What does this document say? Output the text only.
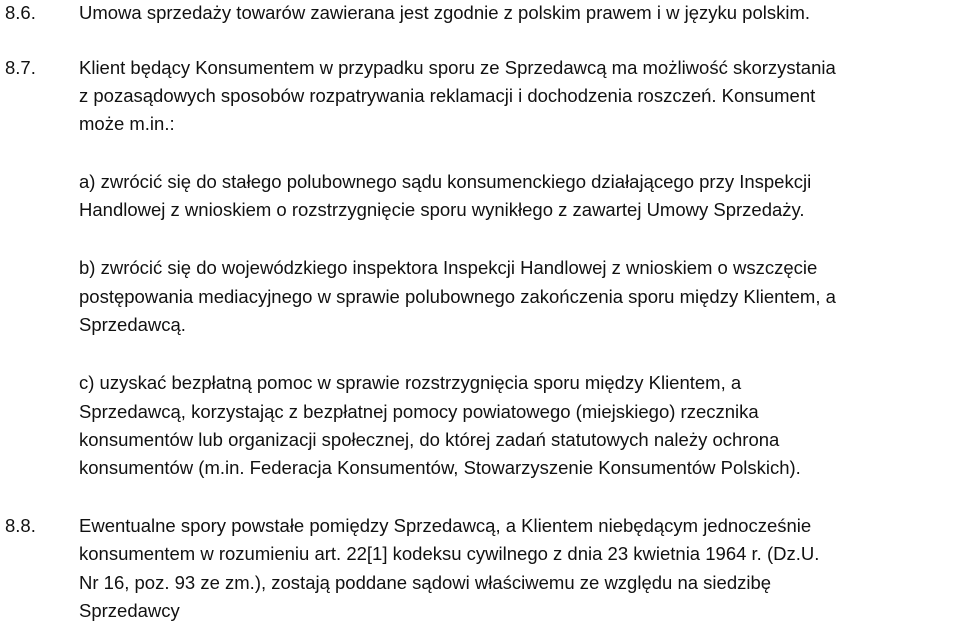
8.6. Umowa sprzedaży towarów zawierana jest zgodnie z polskim prawem i w języku polskim.
8.7. Klient będący Konsumentem w przypadku sporu ze Sprzedawcą ma możliwość skorzystania
z pozasądowych sposobów rozpatrywania reklamacji i dochodzenia roszczeń. Konsument
może m.in.:
a) zwrócić się do stałego polubownego sądu konsumenckiego działającego przy Inspekcji
Handlowej z wnioskiem o rozstrzygnięcie sporu wynikłego z zawartej Umowy Sprzedaży.
b) zwrócić się do wojewódzkiego inspektora Inspekcji Handlowej z wnioskiem o wszczęcie
postępowania mediacyjnego w sprawie polubownego zakończenia sporu między Klientem, a
Sprzedawcą.
c) uzyskać bezpłatną pomoc w sprawie rozstrzygnięcia sporu między Klientem, a
Sprzedawcą, korzystając z bezpłatnej pomocy powiatowego (miejskiego) rzecznika
konsumentów lub organizacji społecznej, do której zadań statutowych należy ochrona
konsumentów (m.in. Federacja Konsumentów, Stowarzyszenie Konsumentów Polskich).
8.8. Ewentualne spory powstałe pomiędzy Sprzedawcą, a Klientem niebędącym jednocześnie
konsumentem w rozumieniu art. 22[1] kodeksu cywilnego z dnia 23 kwietnia 1964 r. (Dz.U.
Nr 16, poz. 93 ze zm.), zostają poddane sądowi właściwemu ze względu na siedzibę
Sprzedawcy
